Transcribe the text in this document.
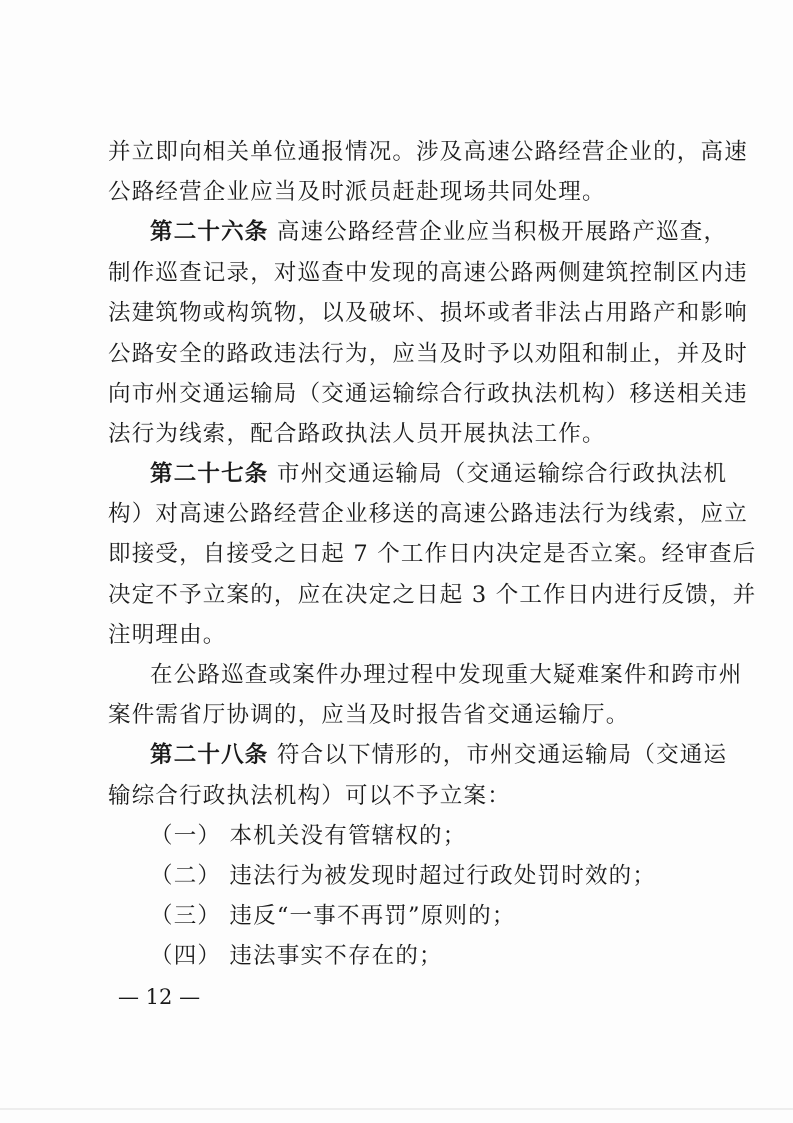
并立即向相关单位通报情况。涉及高速公路经营企业的，高速
公路经营企业应当及时派员赶赴现场共同处理。
第二十六条 高速公路经营企业应当积极开展路产巡查，
制作巡查记录，对巡查中发现的高速公路两侧建筑控制区内违
法建筑物或构筑物，以及破坏、损坏或者非法占用路产和影响
公路安全的路政违法行为，应当及时予以劝阻和制止，并及时
向市州交通运输局（交通运输综合行政执法机构）移送相关违
法行为线索，配合路政执法人员开展执法工作。
第二十七条 市州交通运输局（交通运输综合行政执法机
构）对高速公路经营企业移送的高速公路违法行为线索，应立
即接受，自接受之日起 7 个工作日内决定是否立案。经审查后
决定不予立案的，应在决定之日起 3 个工作日内进行反馈，并
注明理由。
在公路巡查或案件办理过程中发现重大疑难案件和跨市州
案件需省厅协调的，应当及时报告省交通运输厅。
第二十八条 符合以下情形的，市州交通运输局（交通运
输综合行政执法机构）可以不予立案：
（一） 本机关没有管辖权的；
（二） 违法行为被发现时超过行政处罚时效的；
（三） 违反“一事不再罚”原则的；
（四） 违法事实不存在的；
— 12 —
